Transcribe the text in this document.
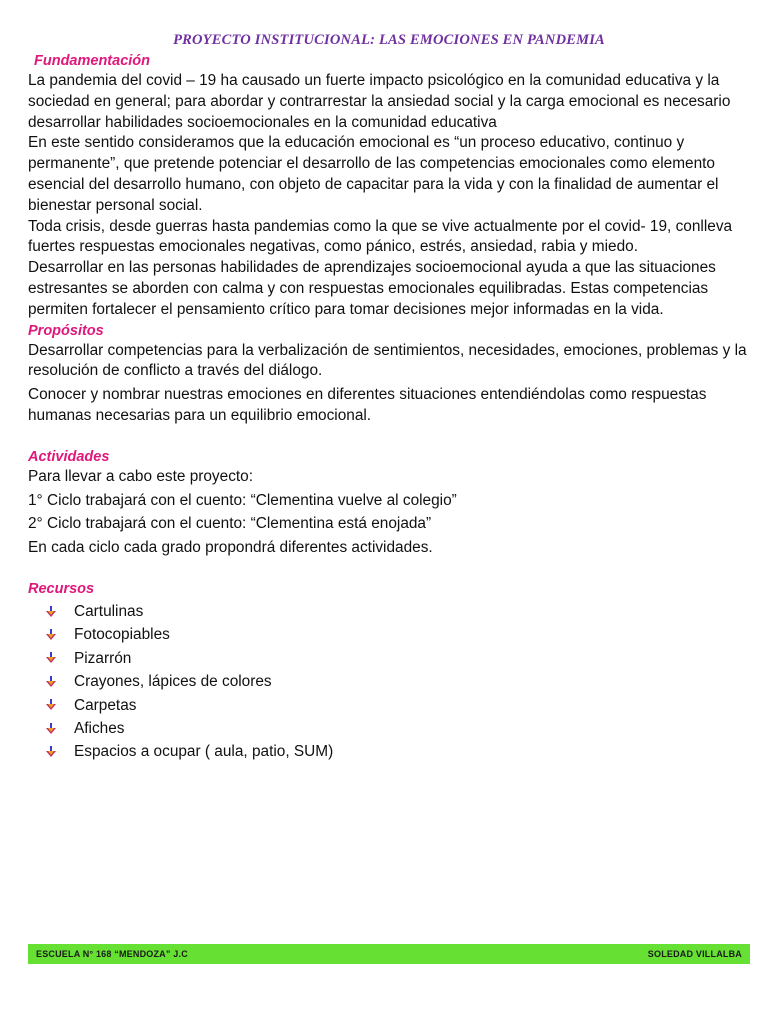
PROYECTO INSTITUCIONAL: LAS EMOCIONES EN PANDEMIA
Fundamentación

La pandemia del covid – 19 ha causado un fuerte impacto psicológico en la comunidad educativa y la sociedad en general; para abordar y contrarrestar la ansiedad social y la carga emocional es necesario desarrollar habilidades socioemocionales en la comunidad educativa

En este sentido consideramos que la educación emocional es “un proceso educativo, continuo y permanente”, que pretende potenciar el desarrollo de las competencias emocionales como elemento esencial del desarrollo humano, con objeto de capacitar para la vida y con la finalidad de aumentar el bienestar personal social.

Toda crisis, desde guerras hasta pandemias como la que se vive actualmente por el covid- 19, conlleva fuertes respuestas emocionales negativas, como pánico, estrés, ansiedad, rabia y miedo.

Desarrollar en las personas habilidades de aprendizajes socioemocional ayuda a que las situaciones estresantes se aborden con calma y con respuestas emocionales equilibradas. Estas competencias permiten fortalecer el pensamiento crítico para tomar decisiones mejor informadas en la vida.

Propósitos

Desarrollar competencias para la verbalización de sentimientos, necesidades, emociones, problemas y la resolución de conflicto a través del diálogo.

Conocer y nombrar nuestras emociones en diferentes situaciones entendiéndolas como respuestas humanas necesarias para un equilibrio emocional.

Actividades

Para llevar a cabo este proyecto:

1° Ciclo trabajará con el cuento: “Clementina vuelve al colegio”

2° Ciclo trabajará con el cuento: “Clementina está enojada”

En cada ciclo cada grado propondrá diferentes actividades.

Recursos
Cartulinas
Fotocopiables
Pizarrón
Crayones, lápices de colores
Carpetas
Afiches
Espacios a ocupar ( aula, patio, SUM)
ESCUELA N° 168 “MENDOZA” J.C	SOLEDAD VILLALBA
